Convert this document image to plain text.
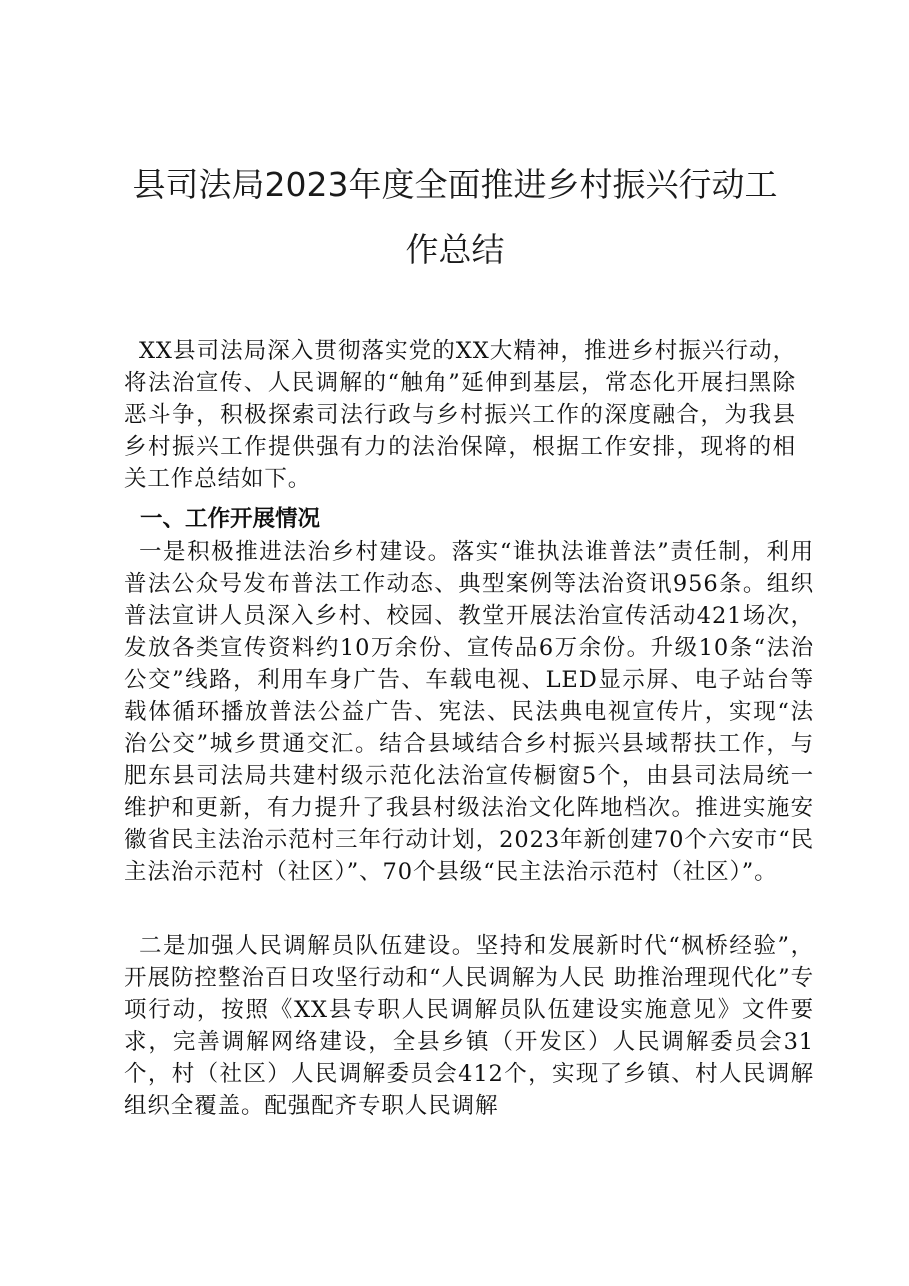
县司法局2023年度全面推进乡村振兴行动工
作总结

XX县司法局深入贯彻落实党的XX大精神，推进乡村振兴行动，将法治宣传、人民调解的“触角”延伸到基层，常态化开展扫黑除恶斗争，积极探索司法行政与乡村振兴工作的深度融合，为我县乡村振兴工作提供强有力的法治保障，根据工作安排，现将的相关工作总结如下。

一、工作开展情况

一是积极推进法治乡村建设。落实“谁执法谁普法”责任制，利用普法公众号发布普法工作动态、典型案例等法治资讯956条。组织普法宣讲人员深入乡村、校园、教堂开展法治宣传活动421场次，发放各类宣传资料约10万余份、宣传品6万余份。升级10条“法治公交”线路，利用车身广告、车载电视、LED显示屏、电子站台等载体循环播放普法公益广告、宪法、民法典电视宣传片，实现“法治公交”城乡贯通交汇。结合县域结合乡村振兴县域帮扶工作，与肥东县司法局共建村级示范化法治宣传橱窗5个，由县司法局统一维护和更新，有力提升了我县村级法治文化阵地档次。推进实施安徽省民主法治示范村三年行动计划，2023年新创建70个六安市“民主法治示范村（社区）”、70个县级“民主法治示范村（社区）”。

二是加强人民调解员队伍建设。坚持和发展新时代“枫桥经验”，开展防控整治百日攻坚行动和“人民调解为人民 助推治理现代化”专项行动，按照《XX县专职人民调解员队伍建设实施意见》文件要求，完善调解网络建设，全县乡镇（开发区）人民调解委员会31个，村（社区）人民调解委员会412个，实现了乡镇、村人民调解组织全覆盖。配强配齐专职人民调解
